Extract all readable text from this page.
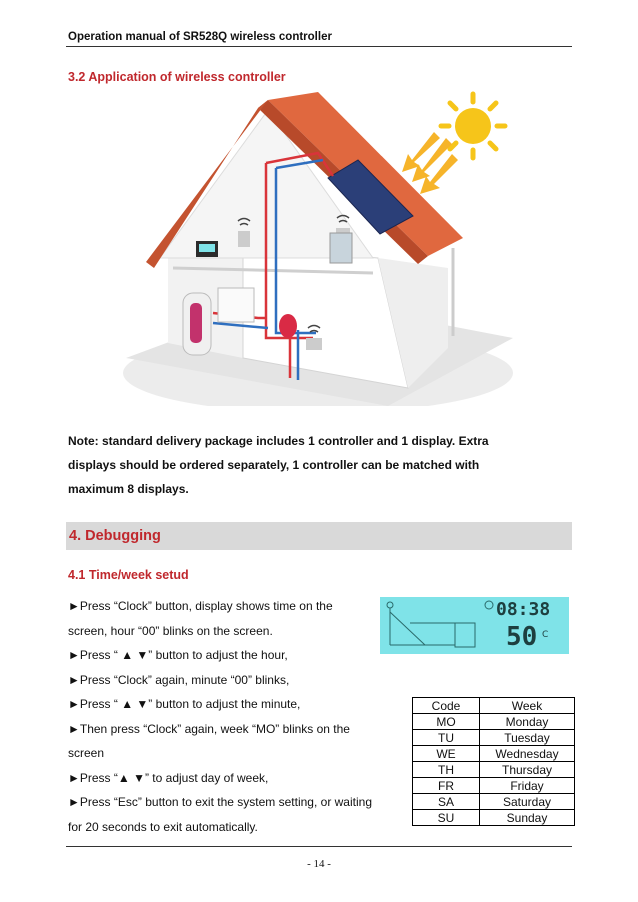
Operation manual of SR528Q wireless controller
3.2 Application of wireless controller
Note: standard delivery package includes 1 controller and 1 display. Extra
displays should be ordered separately, 1 controller can be matched with
maximum 8 displays.
4. Debugging
4.1 Time/week setud
►Press “Clock” button, display shows time on the
screen, hour “00” blinks on the screen.
►Press “ ▲ ▼” button to adjust the hour,
►Press “Clock” again, minute “00” blinks,
►Press “ ▲ ▼” button to adjust the minute,
►Then press “Clock” again, week “MO” blinks on the
screen
►Press “▲ ▼” to adjust day of week,
►Press “Esc” button to exit the system setting, or waiting
for 20 seconds to exit automatically.
08:38
50 C
Code	Week
MO	Monday
TU	Tuesday
WE	Wednesday
TH	Thursday
FR	Friday
SA	Saturday
SU	Sunday
- 14 -
